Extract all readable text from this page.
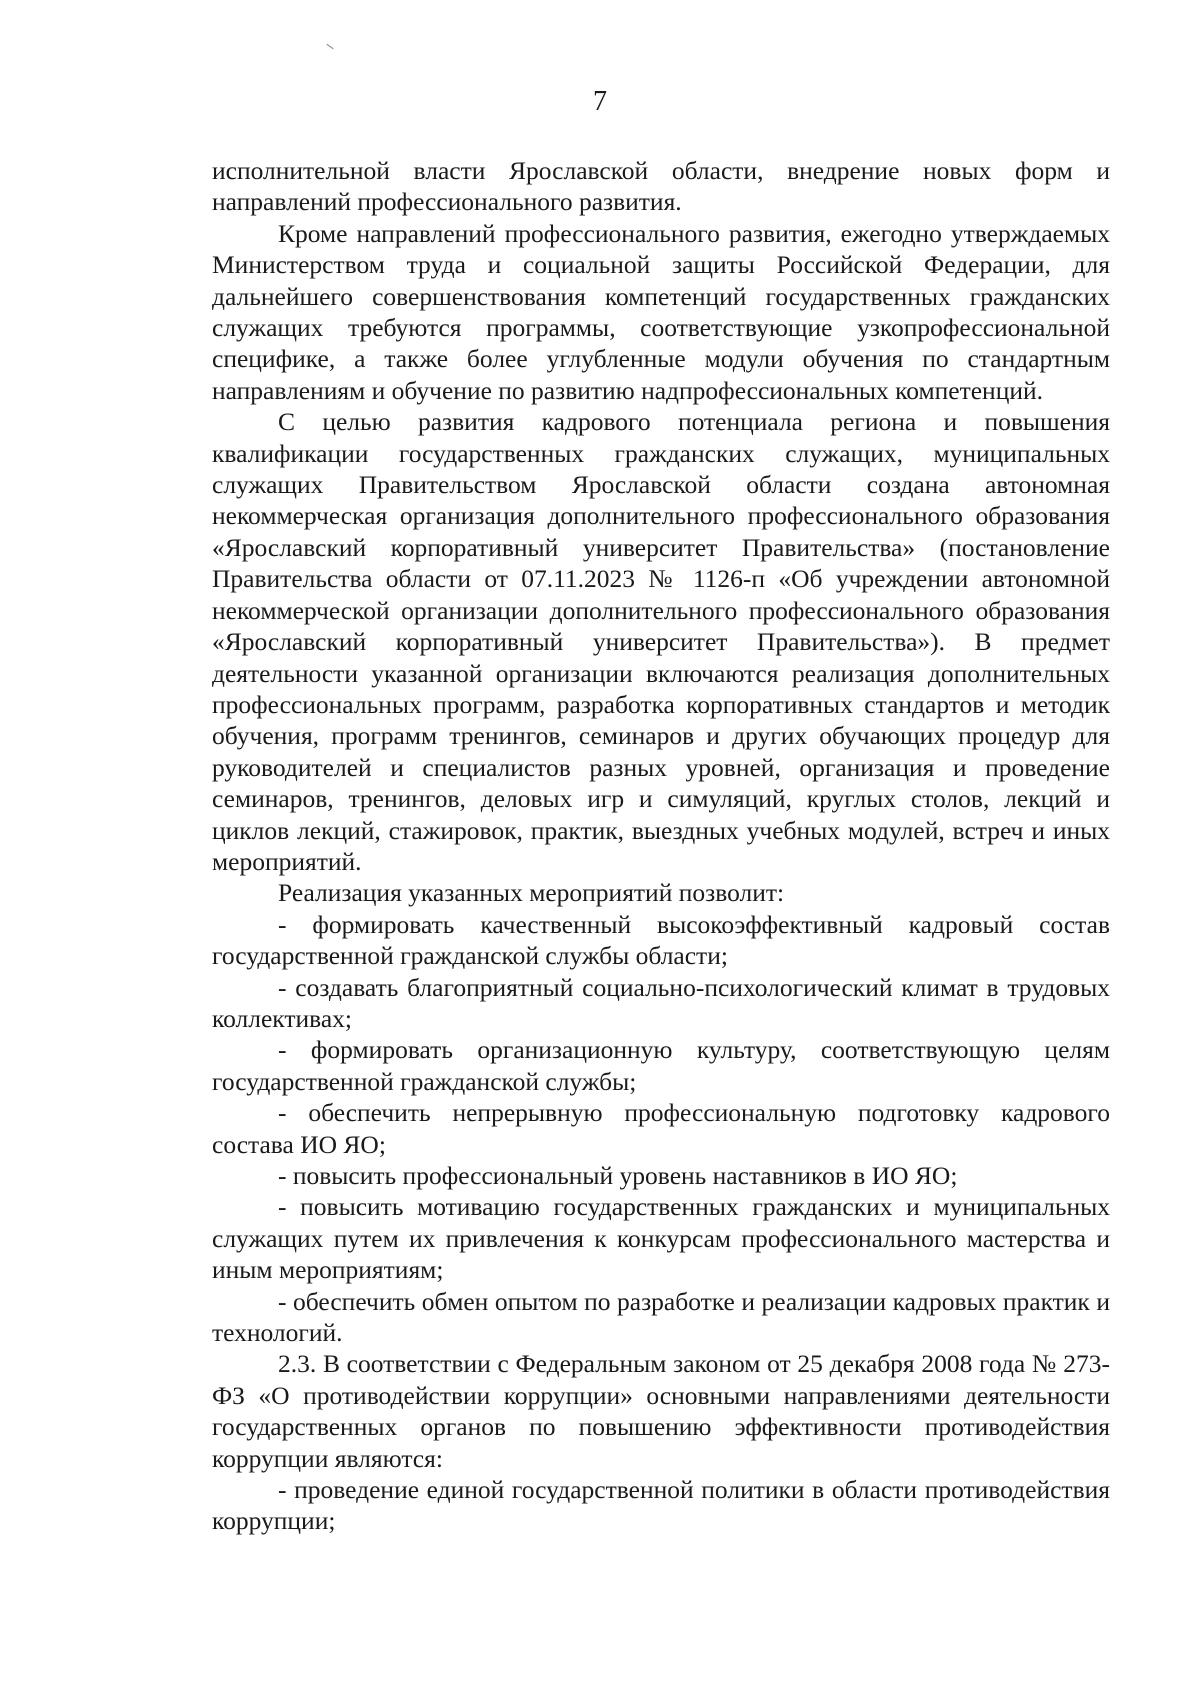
7

исполнительной власти Ярославской области, внедрение новых форм и направлений профессионального развития.

Кроме направлений профессионального развития, ежегодно утверждаемых Министерством труда и социальной защиты Российской Федерации, для дальнейшего совершенствования компетенций государственных гражданских служащих требуются программы, соответствующие узкопрофессиональной специфике, а также более углубленные модули обучения по стандартным направлениям и обучение по развитию надпрофессиональных компетенций.

С целью развития кадрового потенциала региона и повышения квалификации государственных гражданских служащих, муниципальных служащих Правительством Ярославской области создана автономная некоммерческая организация дополнительного профессионального образования «Ярославский корпоративный университет Правительства» (постановление Правительства области от 07.11.2023 № 1126-п «Об учреждении автономной некоммерческой организации дополнительного профессионального образования «Ярославский корпоративный университет Правительства»). В предмет деятельности указанной организации включаются реализация дополнительных профессиональных программ, разработка корпоративных стандартов и методик обучения, программ тренингов, семинаров и других обучающих процедур для руководителей и специалистов разных уровней, организация и проведение семинаров, тренингов, деловых игр и симуляций, круглых столов, лекций и циклов лекций, стажировок, практик, выездных учебных модулей, встреч и иных мероприятий.

Реализация указанных мероприятий позволит:

- формировать качественный высокоэффективный кадровый состав государственной гражданской службы области;

- создавать благоприятный социально-психологический климат в трудовых коллективах;

- формировать организационную культуру, соответствующую целям государственной гражданской службы;

- обеспечить непрерывную профессиональную подготовку кадрового состава ИО ЯО;

- повысить профессиональный уровень наставников в ИО ЯО;

- повысить мотивацию государственных гражданских и муниципальных служащих путем их привлечения к конкурсам профессионального мастерства и иным мероприятиям;

- обеспечить обмен опытом по разработке и реализации кадровых практик и технологий.

2.3. В соответствии с Федеральным законом от 25 декабря 2008 года № 273-ФЗ «О противодействии коррупции» основными направлениями деятельности государственных органов по повышению эффективности противодействия коррупции являются:

- проведение единой государственной политики в области противодействия коррупции;
